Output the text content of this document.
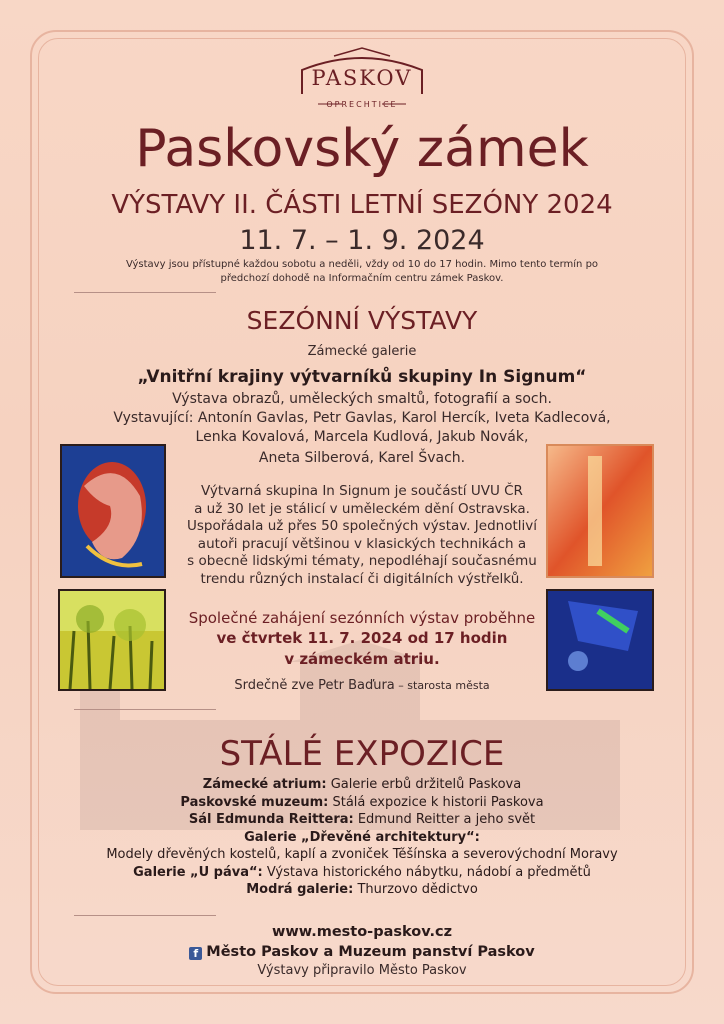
PASKOV
OPRECHTICE
Paskovský zámek
VÝSTAVY II. ČÁSTI LETNÍ SEZÓNY 2024
11. 7. – 1. 9. 2024
Výstavy jsou přístupné každou sobotu a neděli, vždy od 10 do 17 hodin. Mimo tento termín po
předchozí dohodě na Informačním centru zámek Paskov.
SEZÓNNÍ VÝSTAVY
Zámecké galerie
„Vnitřní krajiny výtvarníků skupiny In Signum“
Výstava obrazů, uměleckých smaltů, fotografií a soch.
Vystavující: Antonín Gavlas, Petr Gavlas, Karol Hercík, Iveta Kadlecová,
Lenka Kovalová, Marcela Kudlová, Jakub Novák,
Aneta Silberová, Karel Švach.
Výtvarná skupina In Signum je součástí UVU ČR
a už 30 let je stálicí v uměleckém dění Ostravska.
Uspořádala už přes 50 společných výstav. Jednotliví
autoři pracují většinou v klasických technikách a
s obecně lidskými tématy, nepodléhají současnému
trendu různých instalací či digitálních výstřelků.
Společné zahájení sezónních výstav proběhne
ve čtvrtek 11. 7. 2024 od 17 hodin
v zámeckém atriu.
Srdečně zve Petr Baďura – starosta města
STÁLÉ EXPOZICE
Zámecké atrium: Galerie erbů držitelů Paskova
Paskovské muzeum: Stálá expozice k historii Paskova
Sál Edmunda Reittera: Edmund Reitter a jeho svět
Galerie „Dřevěné architektury“:
Modely dřevěných kostelů, kaplí a zvoniček Těšínska a severovýchodní Moravy
Galerie „U páva“: Výstava historického nábytku, nádobí a předmětů
Modrá galerie: Thurzovo dědictvo
www.mesto-paskov.cz
f Město Paskov a Muzeum panství Paskov
Výstavy připravilo Město Paskov
